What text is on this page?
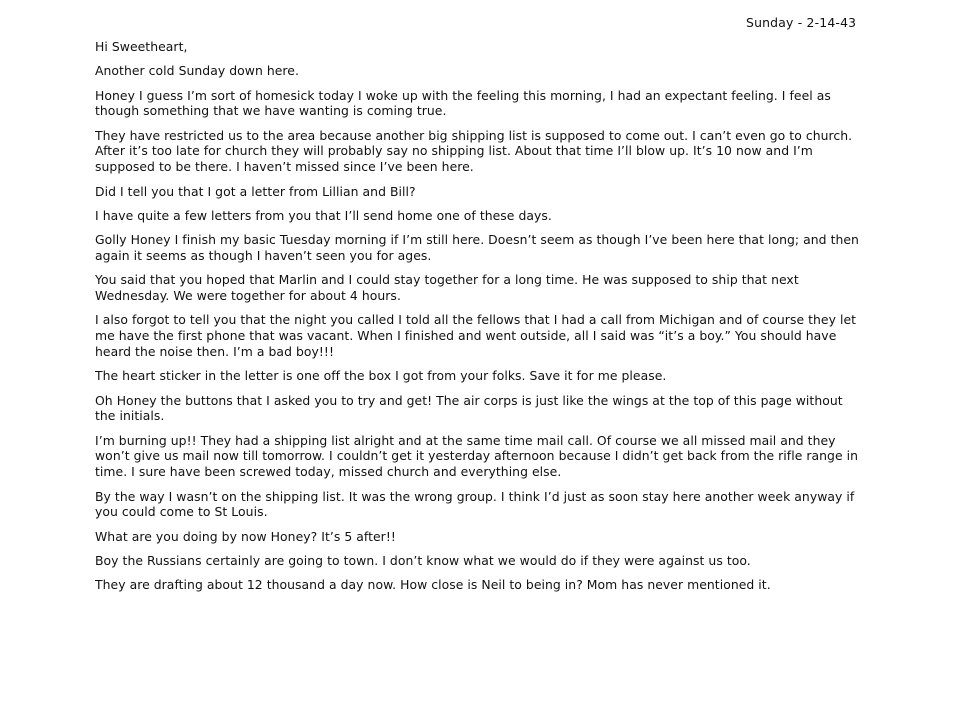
Sunday - 2-14-43

Hi Sweetheart,

Another cold Sunday down here.

Honey I guess I’m sort of homesick today I woke up with the feeling this morning, I had an expectant feeling. I feel as though something that we have wanting is coming true.

They have restricted us to the area because another big shipping list is supposed to come out. I can’t even go to church. After it’s too late for church they will probably say no shipping list. About that time I’ll blow up. It’s 10 now and I’m supposed to be there. I haven’t missed since I’ve been here.

Did I tell you that I got a letter from Lillian and Bill?

I have quite a few letters from you that I’ll send home one of these days.

Golly Honey I finish my basic Tuesday morning if I’m still here. Doesn’t seem as though I’ve been here that long; and then again it seems as though I haven’t seen you for ages.

You said that you hoped that Marlin and I could stay together for a long time. He was supposed to ship that next Wednesday. We were together for about 4 hours.

I also forgot to tell you that the night you called I told all the fellows that I had a call from Michigan and of course they let me have the first phone that was vacant. When I finished and went outside, all I said was “it’s a boy.” You should have heard the noise then. I’m a bad boy!!!

The heart sticker in the letter is one off the box I got from your folks. Save it for me please.

Oh Honey the buttons that I asked you to try and get! The air corps is just like the wings at the top of this page without the initials.

I’m burning up!! They had a shipping list alright and at the same time mail call. Of course we all missed mail and they won’t give us mail now till tomorrow. I couldn’t get it yesterday afternoon because I didn’t get back from the rifle range in time. I sure have been screwed today, missed church and everything else.

By the way I wasn’t on the shipping list. It was the wrong group. I think I’d just as soon stay here another week anyway if you could come to St Louis.

What are you doing by now Honey? It’s 5 after!!

Boy the Russians certainly are going to town. I don’t know what we would do if they were against us too.

They are drafting about 12 thousand a day now. How close is Neil to being in? Mom has never mentioned it.
